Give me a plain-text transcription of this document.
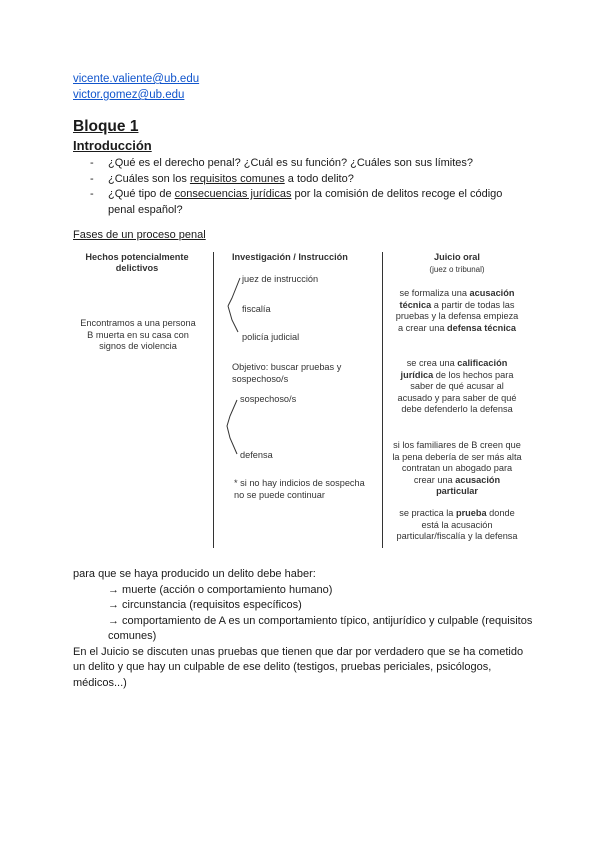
vicente.valiente@ub.edu
victor.gomez@ub.edu
Bloque 1
Introducción
- ¿Qué es el derecho penal? ¿Cuál es su función? ¿Cuáles son sus límites?
- ¿Cuáles son los requisitos comunes a todo delito?
- ¿Qué tipo de consecuencias jurídicas por la comisión de delitos recoge el código penal español?
Fases de un proceso penal
Hechos potencialmente delictivos
Encontramos a una persona B muerta en su casa con signos de violencia
Investigación / Instrucción
juez de instrucción
fiscalía
policía judicial
Objetivo: buscar pruebas y sospechoso/s
sospechoso/s
defensa
* si no hay indicios de sospecha no se puede continuar
Juicio oral
(juez o tribunal)
se formaliza una acusación técnica a partir de todas las pruebas y la defensa empieza a crear una defensa técnica
se crea una calificación jurídica de los hechos para saber de qué acusar al acusado y para saber de qué debe defenderlo la defensa
si los familiares de B creen que la pena debería de ser más alta contratan un abogado para crear una acusación particular
se practica la prueba donde está la acusación particular/fiscalía y la defensa
para que se haya producido un delito debe haber:
→ muerte (acción o comportamiento humano)
→ circunstancia (requisitos específicos)
→ comportamiento de A es un comportamiento típico, antijurídico y culpable (requisitos comunes)
En el Juicio se discuten unas pruebas que tienen que dar por verdadero que se ha cometido un delito y que hay un culpable de ese delito (testigos, pruebas periciales, psicólogos, médicos...)
